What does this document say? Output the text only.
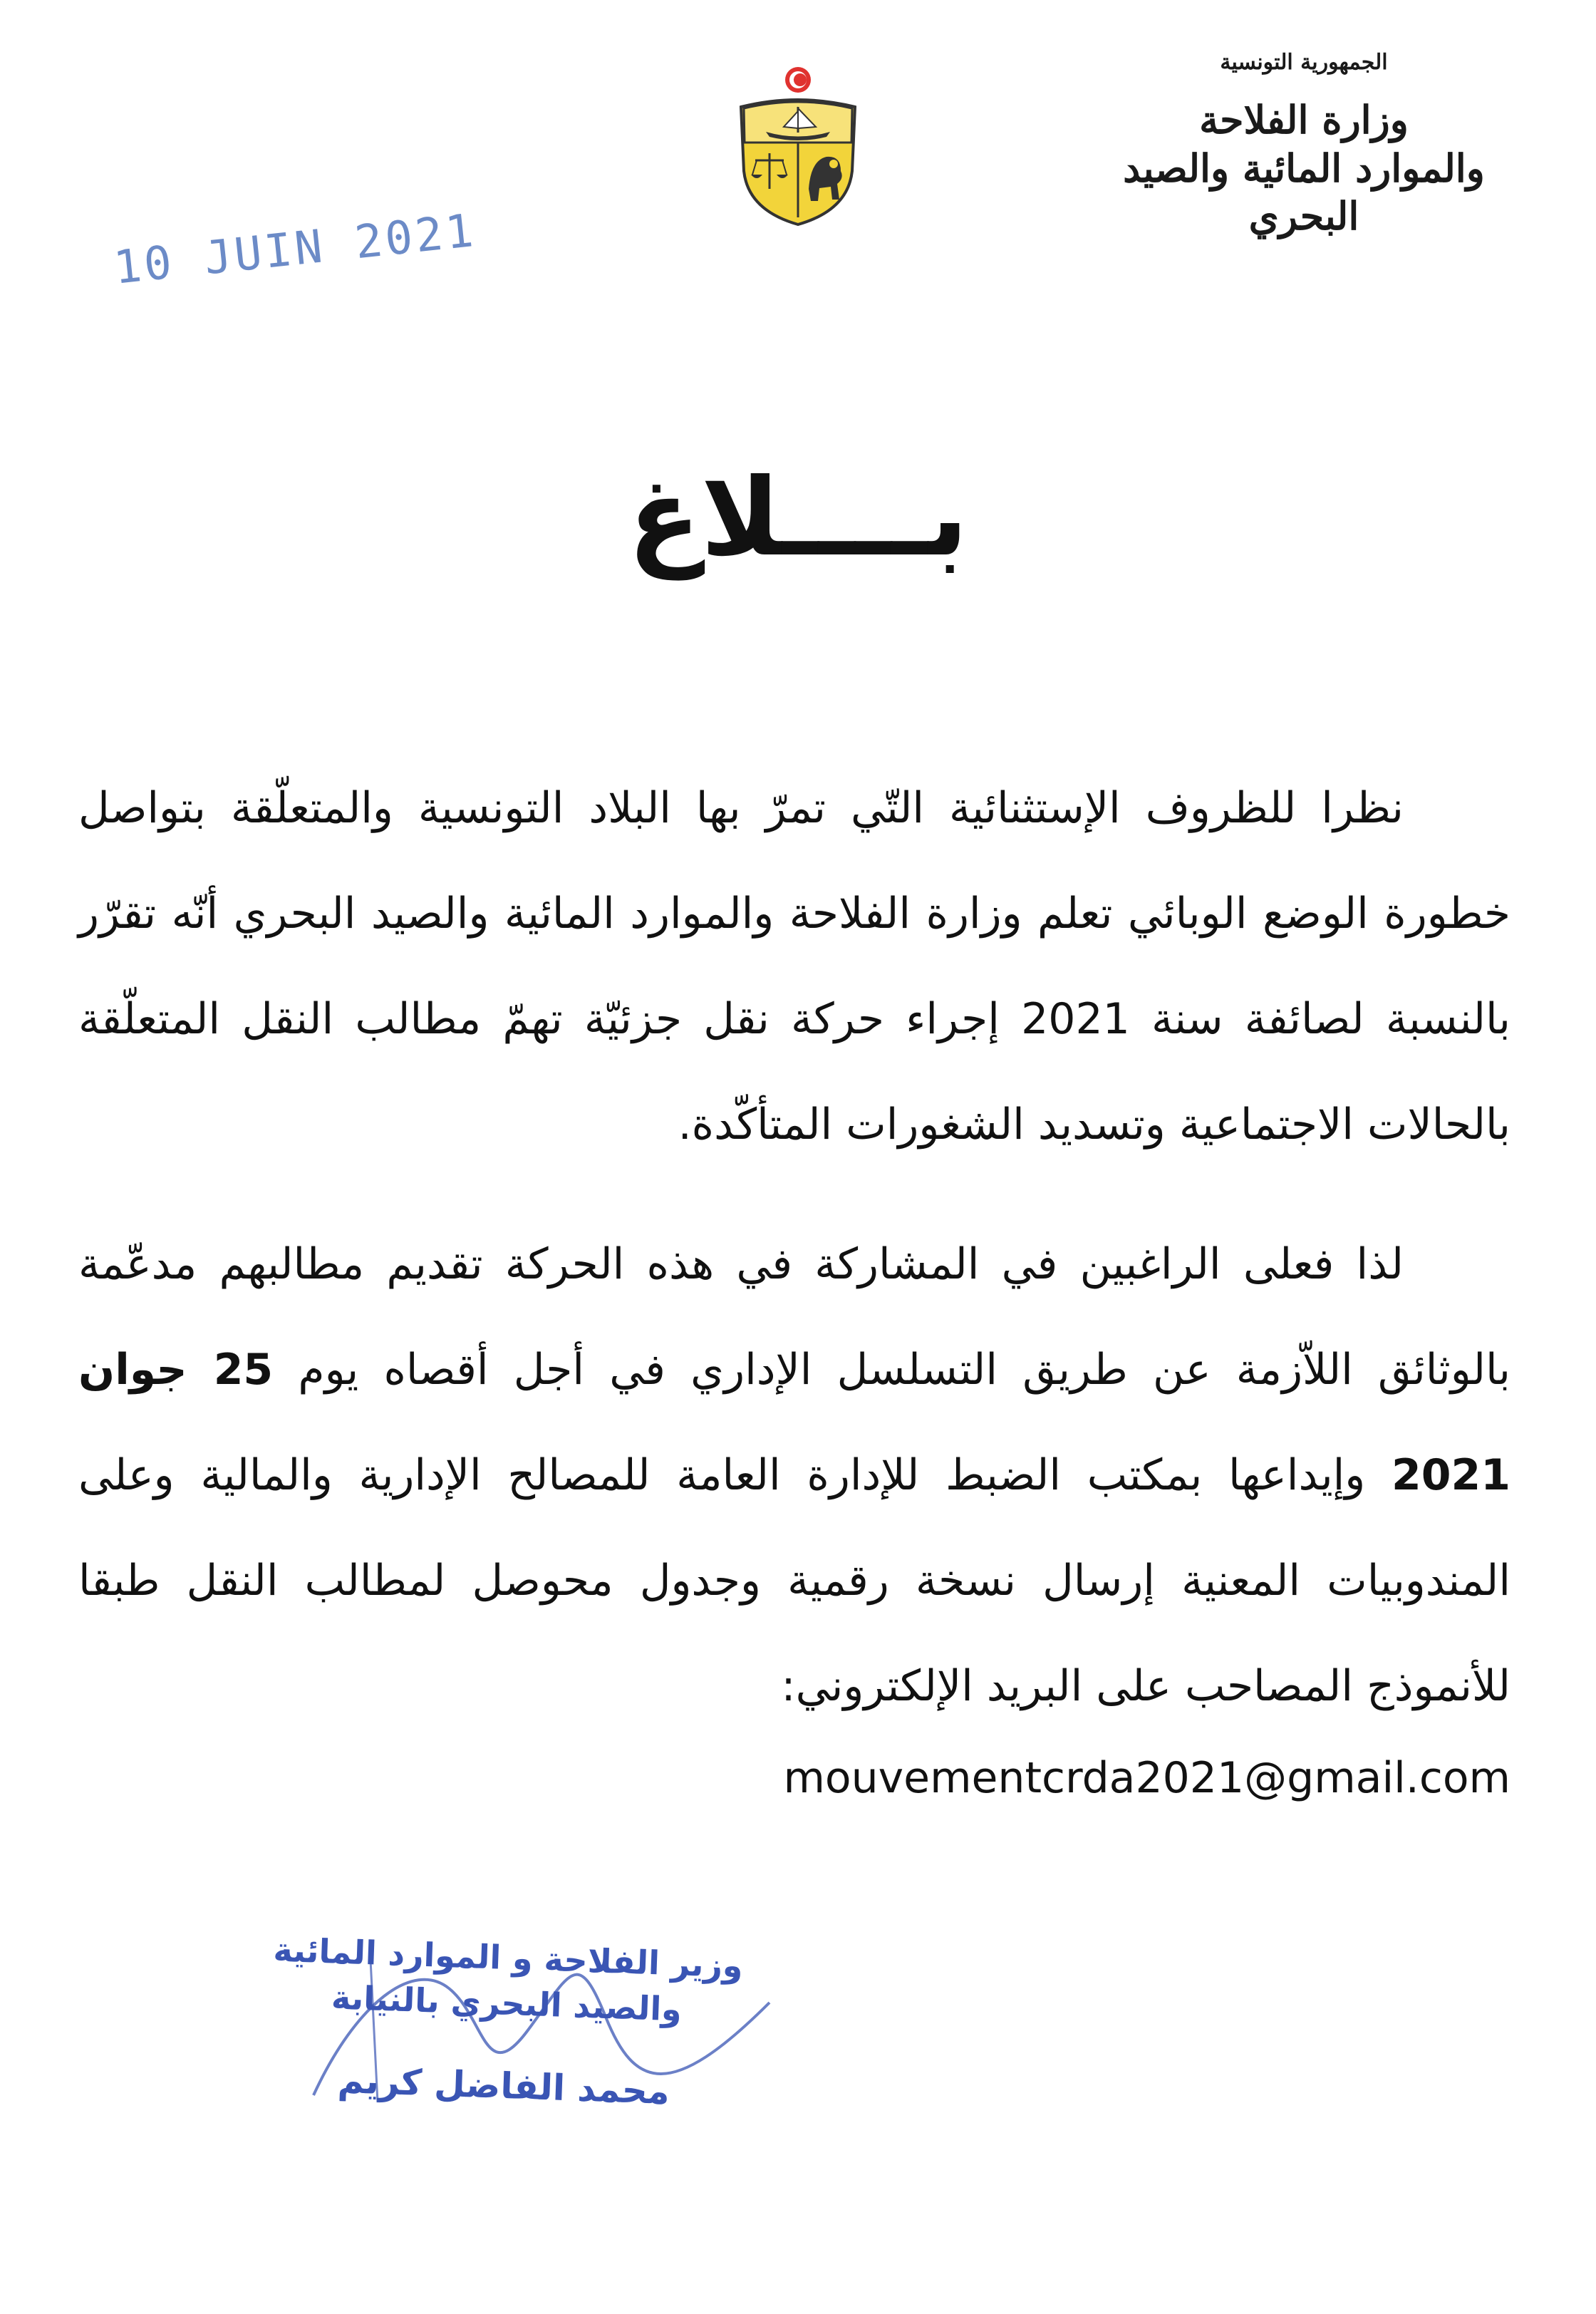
الجمهورية التونسية

وزارة الفلاحة

والموارد المائية والصيد البحري

10 JUIN 2021
بــــلاغ
نظرا للظروف الإستثنائية التّي تمرّ بها البلاد التونسية والمتعلّقة بتواصل خطورة الوضع الوبائي تعلم وزارة الفلاحة والموارد المائية والصيد البحري أنّه تقرّر بالنسبة لصائفة سنة 2021 إجراء حركة نقل جزئيّة تهمّ مطالب النقل المتعلّقة بالحالات الاجتماعية وتسديد الشغورات المتأكّدة.
لذا فعلى الراغبين في المشاركة في هذه الحركة تقديم مطالبهم مدعّمة بالوثائق اللاّزمة عن طريق التسلسل الإداري في أجل أقصاه يوم 25 جوان 2021 وإيداعها بمكتب الضبط للإدارة العامة للمصالح الإدارية والمالية وعلى المندوبيات المعنية إرسال نسخة رقمية وجدول محوصل لمطالب النقل طبقا للأنموذج المصاحب على البريد الإلكتروني:
mouvementcrda2021@gmail.com

وزير الفلاحة و الموارد المائية

والصيد البحري بالنيابة

محمد الفاضل كريم
